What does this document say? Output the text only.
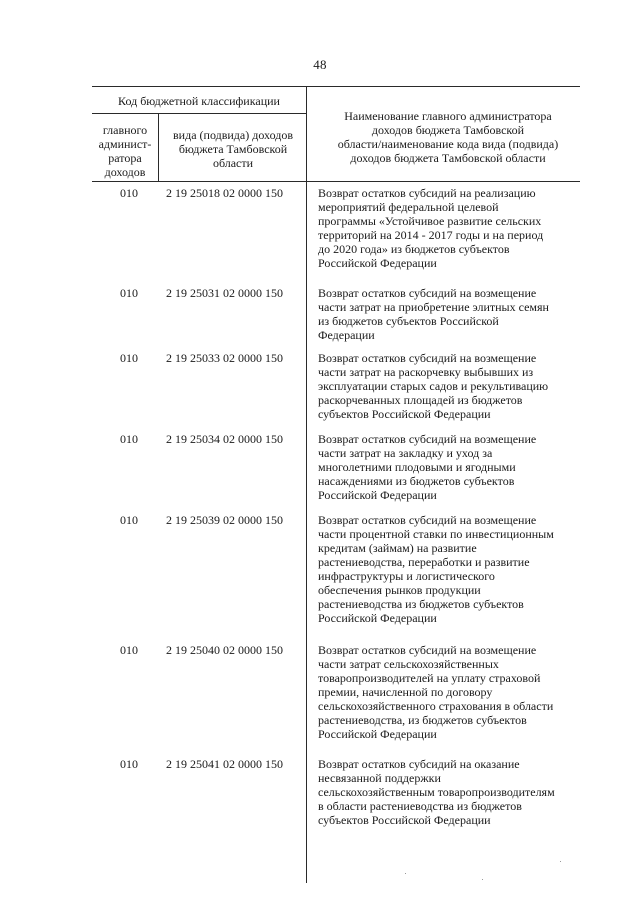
48
Код бюджетной классификации
главного
админист-
ратора
доходов
вида (подвида) доходов
бюджета Тамбовской
области
Наименование главного администратора
доходов бюджета Тамбовской
области/наименование кода вида (подвида)
доходов бюджета Тамбовской области
010	2 19 25018 02 0000 150	Возврат остатков субсидий на реализацию
мероприятий федеральной целевой
программы «Устойчивое развитие сельских
территорий на 2014 - 2017 годы и на период
до 2020 года» из бюджетов субъектов
Российской Федерации
010	2 19 25031 02 0000 150	Возврат остатков субсидий на возмещение
части затрат на приобретение элитных семян
из бюджетов субъектов Российской
Федерации
010	2 19 25033 02 0000 150	Возврат остатков субсидий на возмещение
части затрат на раскорчевку выбывших из
эксплуатации старых садов и рекультивацию
раскорчеванных площадей из бюджетов
субъектов Российской Федерации
010	2 19 25034 02 0000 150	Возврат остатков субсидий на возмещение
части затрат на закладку и уход за
многолетними плодовыми и ягодными
насаждениями из бюджетов субъектов
Российской Федерации
010	2 19 25039 02 0000 150	Возврат остатков субсидий на возмещение
части процентной ставки по инвестиционным
кредитам (займам) на развитие
растениеводства, переработки и развитие
инфраструктуры и логистического
обеспечения рынков продукции
растениеводства из бюджетов субъектов
Российской Федерации
010	2 19 25040 02 0000 150	Возврат остатков субсидий на возмещение
части затрат сельскохозяйственных
товаропроизводителей на уплату страховой
премии, начисленной по договору
сельскохозяйственного страхования в области
растениеводства, из бюджетов субъектов
Российской Федерации
010	2 19 25041 02 0000 150	Возврат остатков субсидий на оказание
несвязанной поддержки
сельскохозяйственным товаропроизводителям
в области растениеводства из бюджетов
субъектов Российской Федерации
